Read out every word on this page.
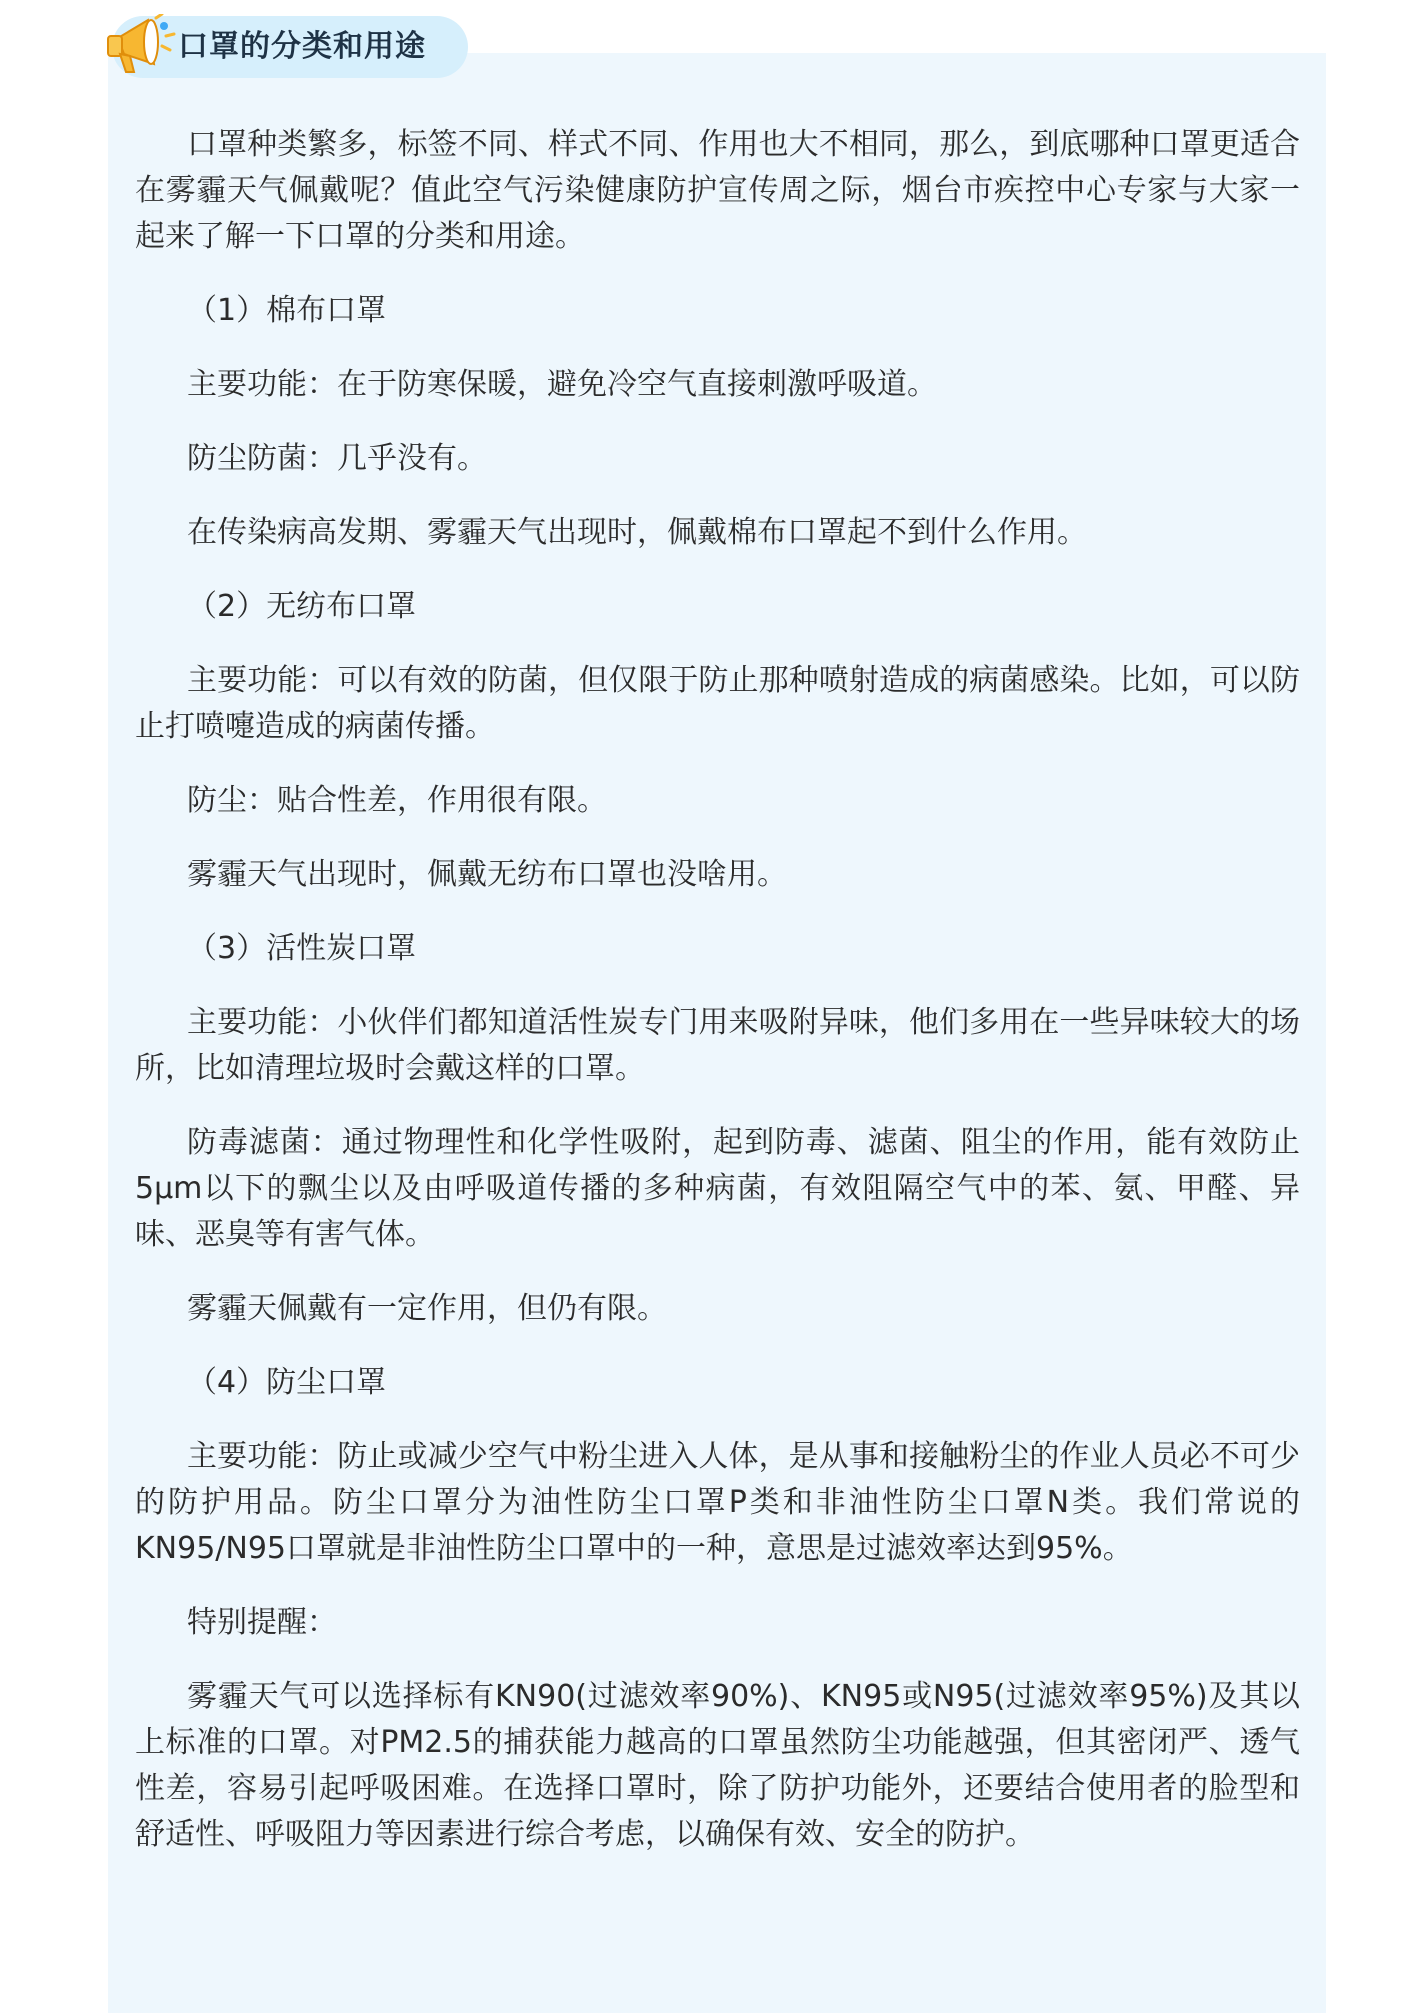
口罩的分类和用途

口罩种类繁多，标签不同、样式不同、作用也大不相同，那么，到底哪种口罩更适合在雾霾天气佩戴呢？值此空气污染健康防护宣传周之际，烟台市疾控中心专家与大家一起来了解一下口罩的分类和用途。

（1）棉布口罩

主要功能：在于防寒保暖，避免冷空气直接刺激呼吸道。

防尘防菌：几乎没有。

在传染病高发期、雾霾天气出现时，佩戴棉布口罩起不到什么作用。

（2）无纺布口罩

主要功能：可以有效的防菌，但仅限于防止那种喷射造成的病菌感染。比如，可以防止打喷嚏造成的病菌传播。

防尘：贴合性差，作用很有限。

雾霾天气出现时，佩戴无纺布口罩也没啥用。

（3）活性炭口罩

主要功能：小伙伴们都知道活性炭专门用来吸附异味，他们多用在一些异味较大的场所，比如清理垃圾时会戴这样的口罩。

防毒滤菌：通过物理性和化学性吸附，起到防毒、滤菌、阻尘的作用，能有效防止5μm以下的飘尘以及由呼吸道传播的多种病菌，有效阻隔空气中的苯、氨、甲醛、异味、恶臭等有害气体。

雾霾天佩戴有一定作用，但仍有限。

（4）防尘口罩

主要功能：防止或减少空气中粉尘进入人体，是从事和接触粉尘的作业人员必不可少的防护用品。防尘口罩分为油性防尘口罩P类和非油性防尘口罩N类。我们常说的KN95/N95口罩就是非油性防尘口罩中的一种，意思是过滤效率达到95%。

特别提醒：

雾霾天气可以选择标有KN90(过滤效率90%)、KN95或N95(过滤效率95%)及其以上标准的口罩。对PM2.5的捕获能力越高的口罩虽然防尘功能越强，但其密闭严、透气性差，容易引起呼吸困难。在选择口罩时，除了防护功能外，还要结合使用者的脸型和舒适性、呼吸阻力等因素进行综合考虑，以确保有效、安全的防护。
